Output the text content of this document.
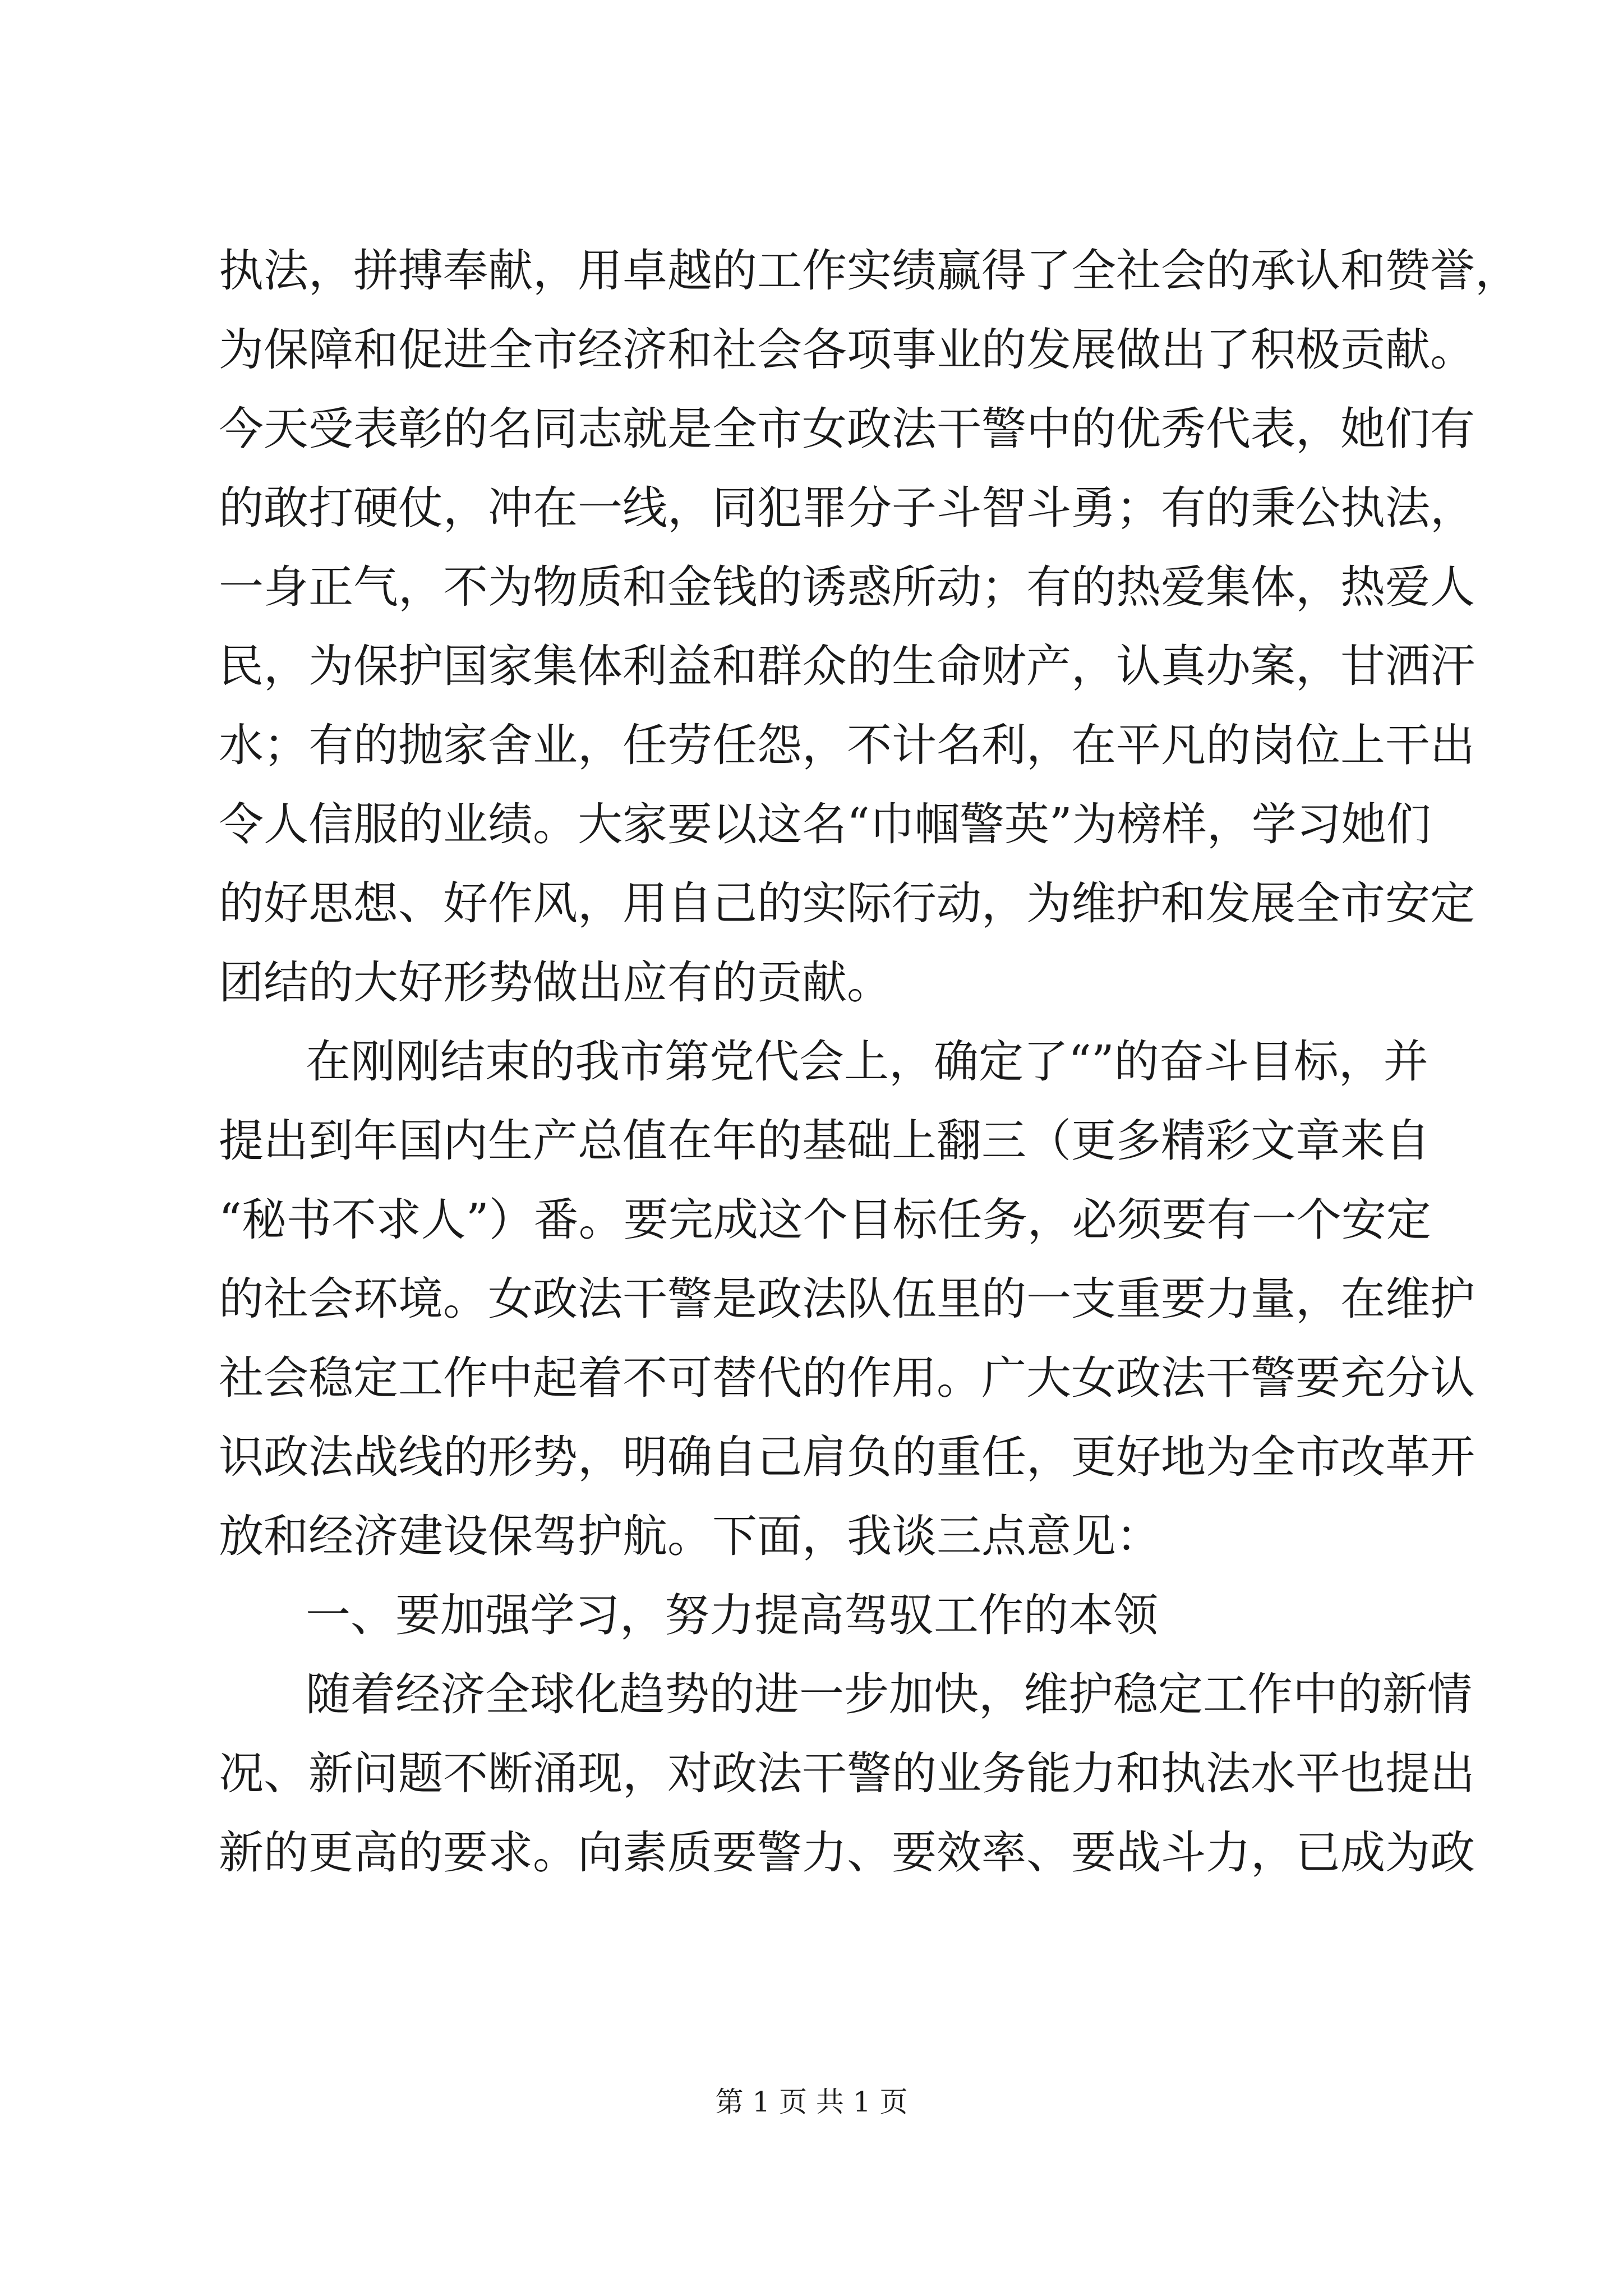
执法，拼搏奉献，用卓越的工作实绩赢得了全社会的承认和赞誉，
为保障和促进全市经济和社会各项事业的发展做出了积极贡献。
今天受表彰的名同志就是全市女政法干警中的优秀代表，她们有
的敢打硬仗，冲在一线，同犯罪分子斗智斗勇；有的秉公执法，
一身正气，不为物质和金钱的诱惑所动；有的热爱集体，热爱人
民，为保护国家集体利益和群众的生命财产，认真办案，甘洒汗
水；有的抛家舍业，任劳任怨，不计名利，在平凡的岗位上干出
令人信服的业绩。大家要以这名“巾帼警英”为榜样，学习她们
的好思想、好作风，用自己的实际行动，为维护和发展全市安定
团结的大好形势做出应有的贡献。
在刚刚结束的我市第党代会上，确定了“”的奋斗目标，并
提出到年国内生产总值在年的基础上翻三（更多精彩文章来自
“秘书不求人”）番。要完成这个目标任务，必须要有一个安定
的社会环境。女政法干警是政法队伍里的一支重要力量，在维护
社会稳定工作中起着不可替代的作用。广大女政法干警要充分认
识政法战线的形势，明确自己肩负的重任，更好地为全市改革开
放和经济建设保驾护航。下面，我谈三点意见：
一、要加强学习，努力提高驾驭工作的本领
随着经济全球化趋势的进一步加快，维护稳定工作中的新情
况、新问题不断涌现，对政法干警的业务能力和执法水平也提出
新的更高的要求。向素质要警力、要效率、要战斗力，已成为政
第 1 页 共 1 页
